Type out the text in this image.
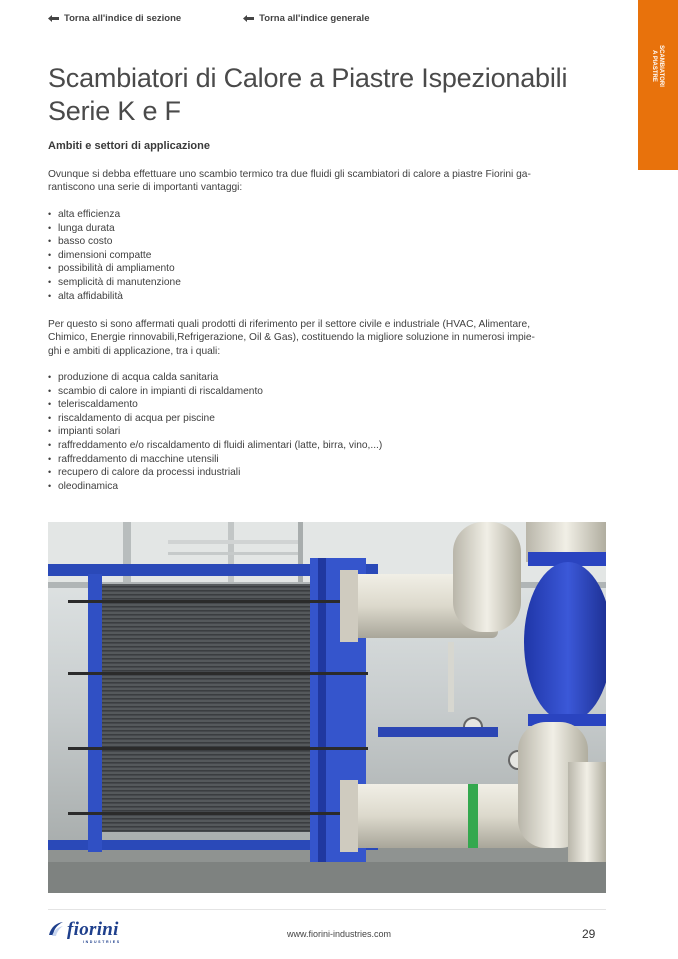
Torna all'indice di sezione	Torna all'indice generale
SCAMBIATORI
A PIASTRE
Scambiatori di Calore a Piastre Ispezionabili
Serie K e F
Ambiti e settori di applicazione

Ovunque si debba effettuare uno scambio termico tra due fluidi gli scambiatori di calore a piastre Fiorini ga-
rantiscono una serie di importanti vantaggi:

• alta efficienza
• lunga durata
• basso costo
• dimensioni compatte
• possibilità di ampliamento
• semplicità di manutenzione
• alta affidabilità

Per questo si sono affermati quali prodotti di riferimento per il settore civile e industriale (HVAC, Alimentare,
Chimico, Energie rinnovabili,Refrigerazione, Oil & Gas), costituendo la migliore soluzione in numerosi impie-
ghi e ambiti di applicazione, tra i quali:

• produzione di acqua calda sanitaria
• scambio di calore in impianti di riscaldamento
• teleriscaldamento
• riscaldamento di acqua per piscine
• impianti solari
• raffreddamento e/o riscaldamento di fluidi alimentari (latte, birra, vino,...)
• raffreddamento di macchine utensili
• recupero di calore da processi industriali
• oleodinamica
fiorini
INDUSTRIES
www.fiorini-industries.com	29
